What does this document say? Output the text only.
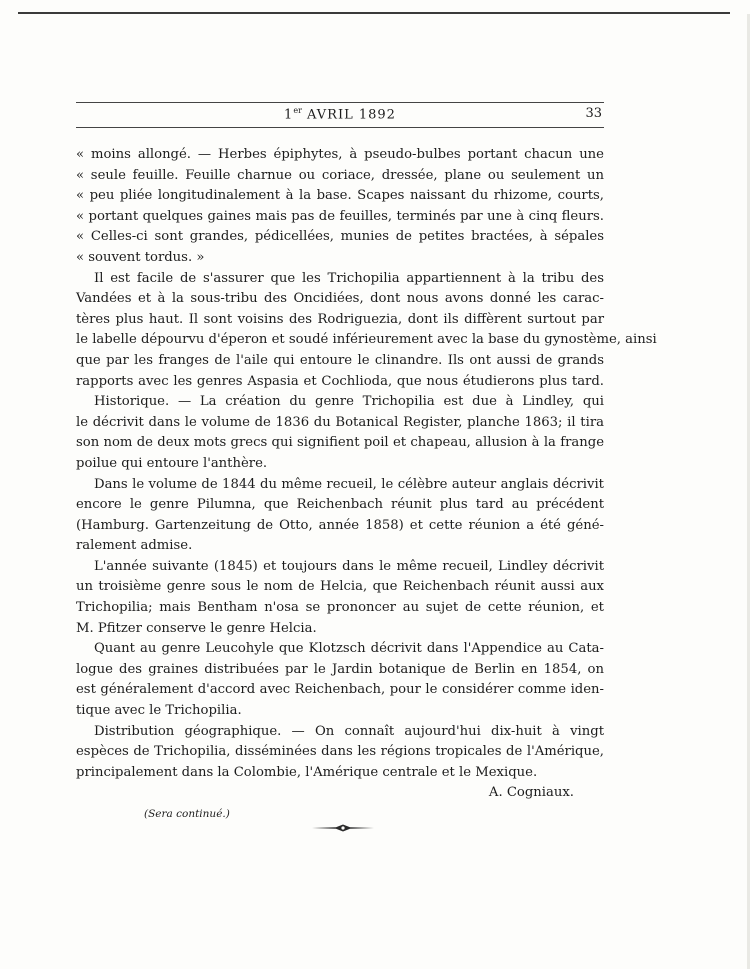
1er AVRIL 1892	33
« moins allongé. — Herbes épiphytes, à pseudo-bulbes portant chacun une
« seule feuille. Feuille charnue ou coriace, dressée, plane ou seulement un
« peu pliée longitudinalement à la base. Scapes naissant du rhizome, courts,
« portant quelques gaines mais pas de feuilles, terminés par une à cinq fleurs.
« Celles-ci sont grandes, pédicellées, munies de petites bractées, à sépales
« souvent tordus. »
Il est facile de s'assurer que les Trichopilia appartiennent à la tribu des
Vandées et à la sous-tribu des Oncidiées, dont nous avons donné les carac-
tères plus haut. Il sont voisins des Rodriguezia, dont ils diffèrent surtout par
le labelle dépourvu d'éperon et soudé inférieurement avec la base du gynostème, ainsi
que par les franges de l'aile qui entoure le clinandre. Ils ont aussi de grands
rapports avec les genres Aspasia et Cochlioda, que nous étudierons plus tard.
Historique. — La création du genre Trichopilia est due à Lindley, qui
le décrivit dans le volume de 1836 du Botanical Register, planche 1863; il tira
son nom de deux mots grecs qui signifient poil et chapeau, allusion à la frange
poilue qui entoure l'anthère.
Dans le volume de 1844 du même recueil, le célèbre auteur anglais décrivit
encore le genre Pilumna, que Reichenbach réunit plus tard au précédent
(Hamburg. Gartenzeitung de Otto, année 1858) et cette réunion a été géné-
ralement admise.
L'année suivante (1845) et toujours dans le même recueil, Lindley décrivit
un troisième genre sous le nom de Helcia, que Reichenbach réunit aussi aux
Trichopilia; mais Bentham n'osa se prononcer au sujet de cette réunion, et
M. Pfitzer conserve le genre Helcia.
Quant au genre Leucohyle que Klotzsch décrivit dans l'Appendice au Cata-
logue des graines distribuées par le Jardin botanique de Berlin en 1854, on
est généralement d'accord avec Reichenbach, pour le considérer comme iden-
tique avec le Trichopilia.
Distribution géographique. — On connaît aujourd'hui dix-huit à vingt
espèces de Trichopilia, disséminées dans les régions tropicales de l'Amérique,
principalement dans la Colombie, l'Amérique centrale et le Mexique.
A. Cogniaux.
(Sera continué.)
